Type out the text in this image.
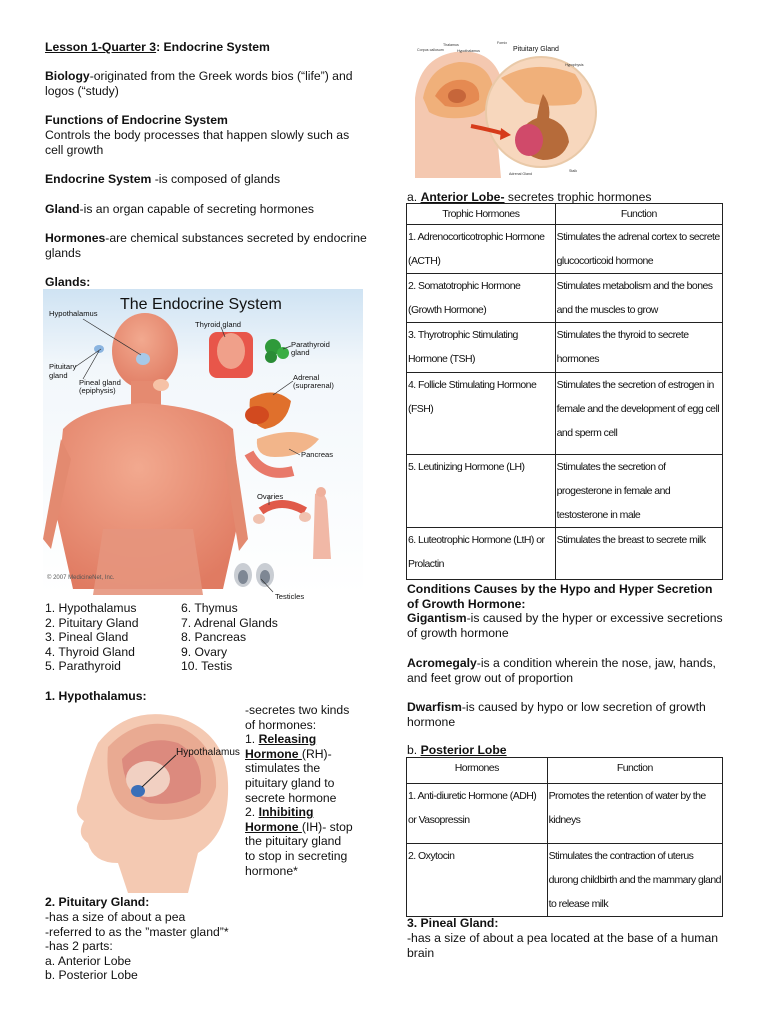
Lesson 1-Quarter 3: Endocrine System

Biology-originated from the Greek words bios (“life”) and logos (“study)

Functions of Endocrine System

Controls the body processes that happen slowly such as cell growth

Endocrine System -is composed of glands

Gland-is an organ capable of secreting hormones

Hormones-are chemical substances secreted by endocrine glands

Glands:

The Endocrine System
Hypothalamus
Pituitary
gland
Pineal gland
(epiphysis)
Thyroid gland
Parathyroid
gland
Adrenal
(suprarenal)
Pancreas
Ovaries
Testicles
© 2007 MedicineNet, Inc.
1. Hypothalamus
2. Pituitary Gland
3. Pineal Gland
4. Thyroid Gland
5. Parathyroid
6. Thymus
7. Adrenal Glands
8. Pancreas
9. Ovary
10. Testis

1. Hypothalamus:

Hypothalamus

-secretes two kinds

of hormones:

1. Releasing

Hormone (RH)-

stimulates the

pituitary gland to

secrete hormone

2. Inhibiting

Hormone (IH)- stop

the pituitary gland

to stop in secreting

hormone*

2. Pituitary Gland:

-has a size of about a pea

-referred to as the ”master gland”*

-has 2 parts:

a. Anterior Lobe

b. Posterior Lobe

Pituitary Gland
Corpus callosum
Thalamus
Hypothalamus
Fornix
Hypophysis
Adrenal Gland
Stalk

a. Anterior Lobe- secretes trophic hormones

Trophic Hormones	Function
1. Adrenocorticotrophic Hormone (ACTH)	Stimulates the adrenal cortex to secrete glucocorticoid hormone
2. Somatotrophic Hormone (Growth Hormone)	Stimulates metabolism and the bones and the muscles to grow
3. Thyrotrophic Stimulating Hormone (TSH)	Stimulates the thyroid to secrete hormones
4. Follicle Stimulating Hormone (FSH)	Stimulates the secretion of estrogen in female and the development of egg cell and sperm cell
5. Leutinizing Hormone (LH)	Stimulates the secretion of progesterone in female and testosterone in male
6. Luteotrophic Hormone (LtH) or Prolactin	Stimulates the breast to secrete milk

Conditions Causes by the Hypo and Hyper Secretion of Growth Hormone:

Gigantism-is caused by the hyper or excessive secretions of growth hormone

Acromegaly-is a condition wherein the nose, jaw, hands, and feet grow out of proportion

Dwarfism-is caused by hypo or low secretion of growth hormone

b. Posterior Lobe

Hormones	Function
1. Anti-diuretic Hormone (ADH) or Vasopressin	Promotes the retention of water by the kidneys
2. Oxytocin	Stimulates the contraction of uterus durong childbirth and the mammary gland to release milk

3. Pineal Gland:

-has a size of about a pea located at the base of a human brain
